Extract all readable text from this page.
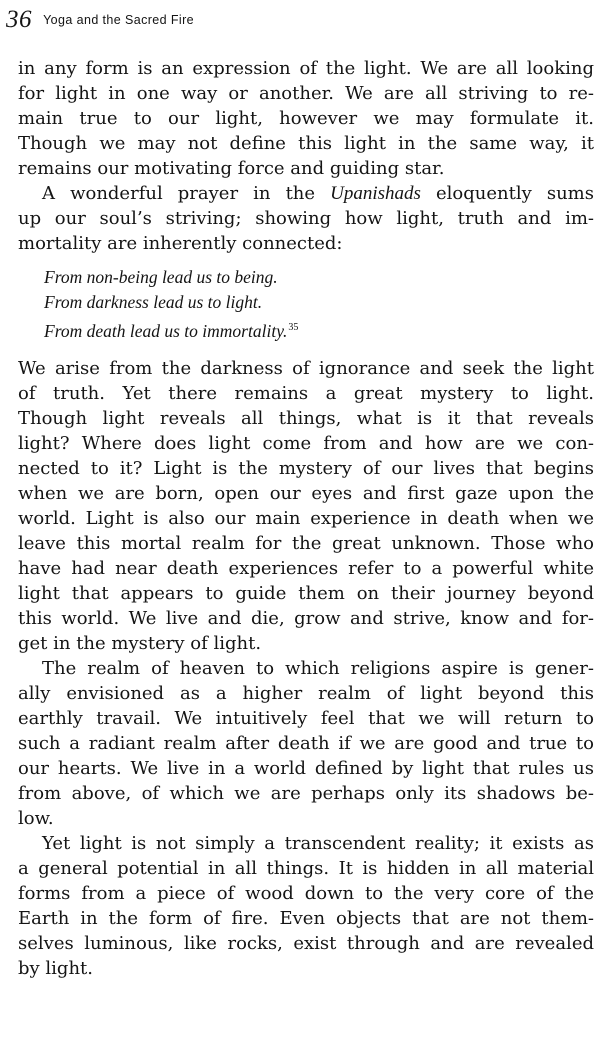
36 Yoga and the Sacred Fire
in any form is an expression of the light. We are all looking
for light in one way or another. We are all striving to re-
main true to our light, however we may formulate it.
Though we may not define this light in the same way, it
remains our motivating force and guiding star.
A wonderful prayer in the Upanishads eloquently sums
up our soul’s striving; showing how light, truth and im-
mortality are inherently connected:
From non-being lead us to being.
From darkness lead us to light.
From death lead us to immortality.$^{35}$
We arise from the darkness of ignorance and seek the light
of truth. Yet there remains a great mystery to light.
Though light reveals all things, what is it that reveals
light? Where does light come from and how are we con-
nected to it? Light is the mystery of our lives that begins
when we are born, open our eyes and first gaze upon the
world. Light is also our main experience in death when we
leave this mortal realm for the great unknown. Those who
have had near death experiences refer to a powerful white
light that appears to guide them on their journey beyond
this world. We live and die, grow and strive, know and for-
get in the mystery of light.
The realm of heaven to which religions aspire is gener-
ally envisioned as a higher realm of light beyond this
earthly travail. We intuitively feel that we will return to
such a radiant realm after death if we are good and true to
our hearts. We live in a world defined by light that rules us
from above, of which we are perhaps only its shadows be-
low.
Yet light is not simply a transcendent reality; it exists as
a general potential in all things. It is hidden in all material
forms from a piece of wood down to the very core of the
Earth in the form of fire. Even objects that are not them-
selves luminous, like rocks, exist through and are revealed
by light.
